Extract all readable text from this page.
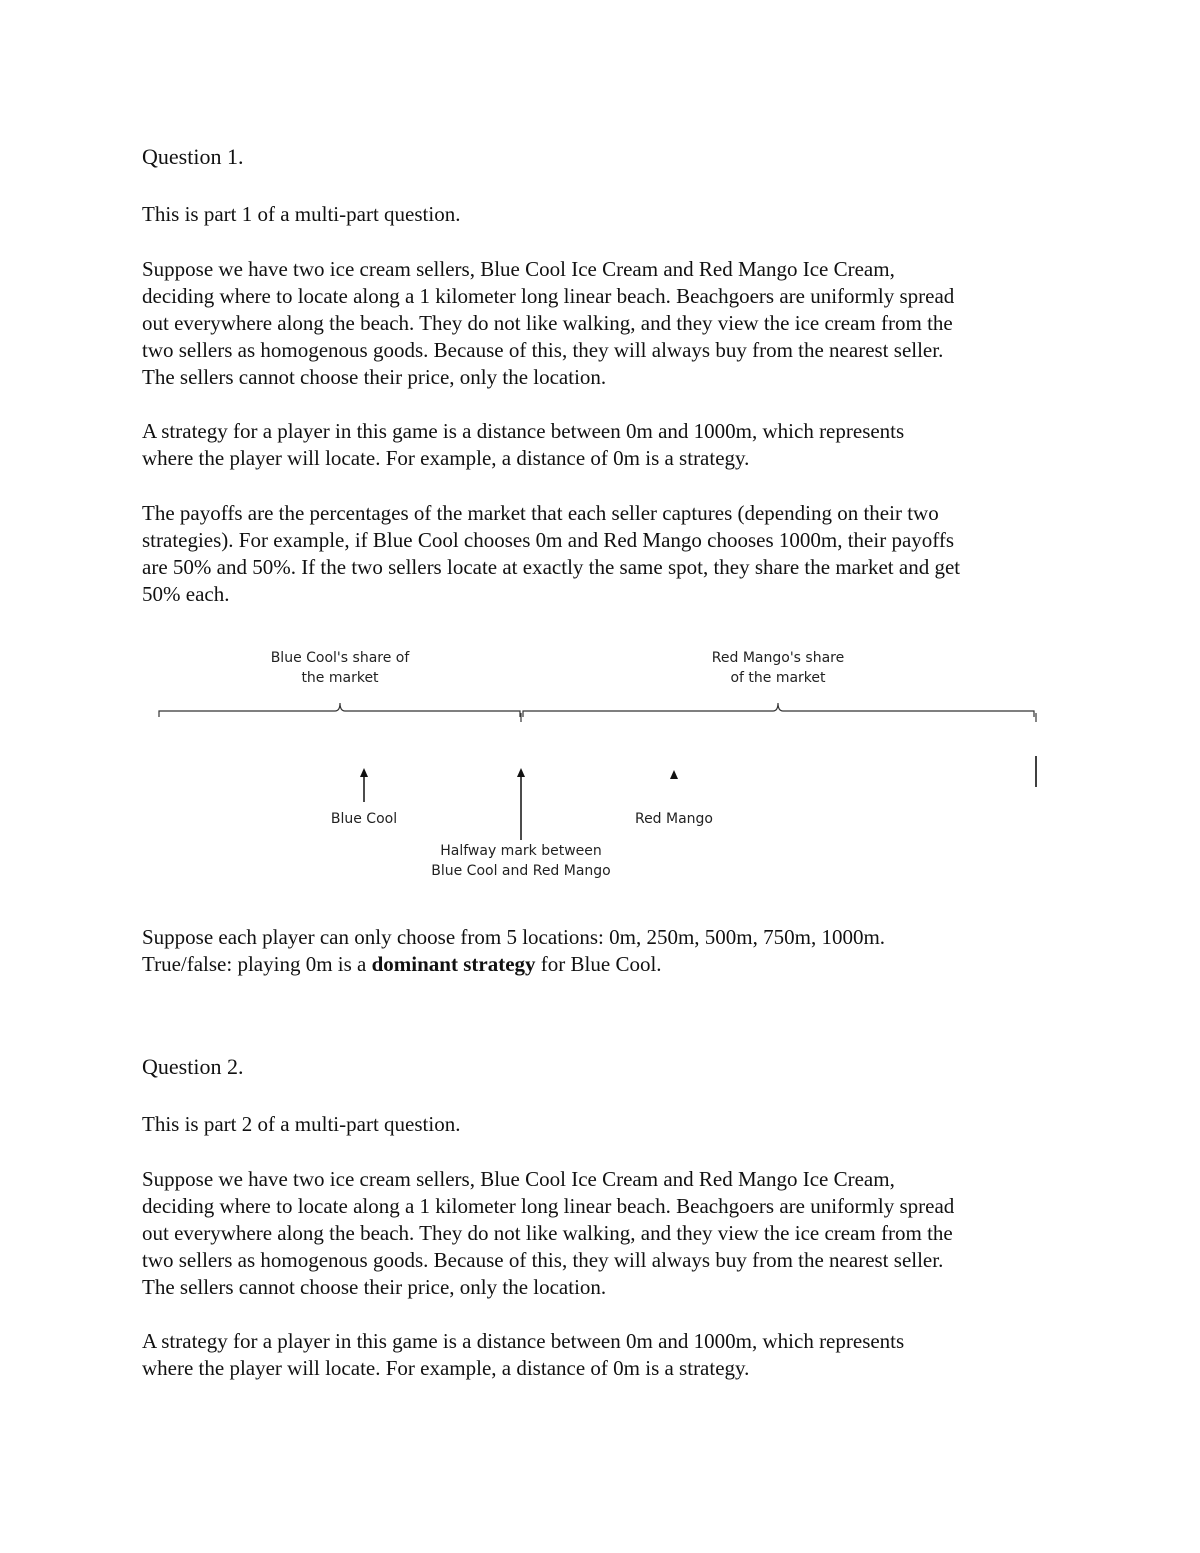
Question 1.
This is part 1 of a multi-part question.
Suppose we have two ice cream sellers, Blue Cool Ice Cream and Red Mango Ice Cream,
deciding where to locate along a 1 kilometer long linear beach. Beachgoers are uniformly spread
out everywhere along the beach. They do not like walking, and they view the ice cream from the
two sellers as homogenous goods. Because of this, they will always buy from the nearest seller.
The sellers cannot choose their price, only the location.
A strategy for a player in this game is a distance between 0m and 1000m, which represents
where the player will locate. For example, a distance of 0m is a strategy.
The payoffs are the percentages of the market that each seller captures (depending on their two
strategies). For example, if Blue Cool chooses 0m and Red Mango chooses 1000m, their payoffs
are 50% and 50%. If the two sellers locate at exactly the same spot, they share the market and get
50% each.
Blue Cool's share of
the market
Red Mango's share
of the market
Blue Cool	Red Mango
Halfway mark between
Blue Cool and Red Mango
Suppose each player can only choose from 5 locations: 0m, 250m, 500m, 750m, 1000m.
True/false: playing 0m is a dominant strategy for Blue Cool.
Question 2.
This is part 2 of a multi-part question.
Suppose we have two ice cream sellers, Blue Cool Ice Cream and Red Mango Ice Cream,
deciding where to locate along a 1 kilometer long linear beach. Beachgoers are uniformly spread
out everywhere along the beach. They do not like walking, and they view the ice cream from the
two sellers as homogenous goods. Because of this, they will always buy from the nearest seller.
The sellers cannot choose their price, only the location.
A strategy for a player in this game is a distance between 0m and 1000m, which represents
where the player will locate. For example, a distance of 0m is a strategy.
